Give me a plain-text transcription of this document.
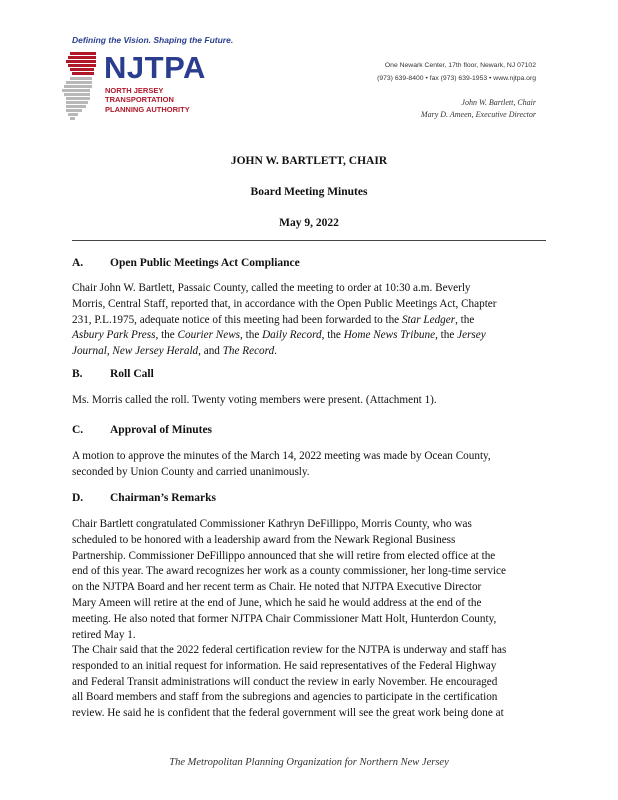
Defining the Vision. Shaping the Future.
NJTPA
NORTH JERSEY
TRANSPORTATION
PLANNING AUTHORITY
One Newark Center, 17th floor, Newark, NJ 07102
(973) 639-8400 • fax (973) 639-1953 • www.njtpa.org
John W. Bartlett, Chair
Mary D. Ameen, Executive Director
JOHN W. BARTLETT, CHAIR
Board Meeting Minutes
May 9, 2022
A. Open Public Meetings Act Compliance
Chair John W. Bartlett, Passaic County, called the meeting to order at 10:30 a.m. Beverly
Morris, Central Staff, reported that, in accordance with the Open Public Meetings Act, Chapter
231, P.L.1975, adequate notice of this meeting had been forwarded to the Star Ledger, the
Asbury Park Press, the Courier News, the Daily Record, the Home News Tribune, the Jersey
Journal, New Jersey Herald, and The Record.
B. Roll Call
Ms. Morris called the roll. Twenty voting members were present. (Attachment 1).
C. Approval of Minutes
A motion to approve the minutes of the March 14, 2022 meeting was made by Ocean County,
seconded by Union County and carried unanimously.
D. Chairman’s Remarks
Chair Bartlett congratulated Commissioner Kathryn DeFillippo, Morris County, who was
scheduled to be honored with a leadership award from the Newark Regional Business
Partnership. Commissioner DeFillippo announced that she will retire from elected office at the
end of this year. The award recognizes her work as a county commissioner, her long-time service
on the NJTPA Board and her recent term as Chair. He noted that NJTPA Executive Director
Mary Ameen will retire at the end of June, which he said he would address at the end of the
meeting. He also noted that former NJTPA Chair Commissioner Matt Holt, Hunterdon County,
retired May 1.
The Chair said that the 2022 federal certification review for the NJTPA is underway and staff has
responded to an initial request for information. He said representatives of the Federal Highway
and Federal Transit administrations will conduct the review in early November. He encouraged
all Board members and staff from the subregions and agencies to participate in the certification
review. He said he is confident that the federal government will see the great work being done at
The Metropolitan Planning Organization for Northern New Jersey
